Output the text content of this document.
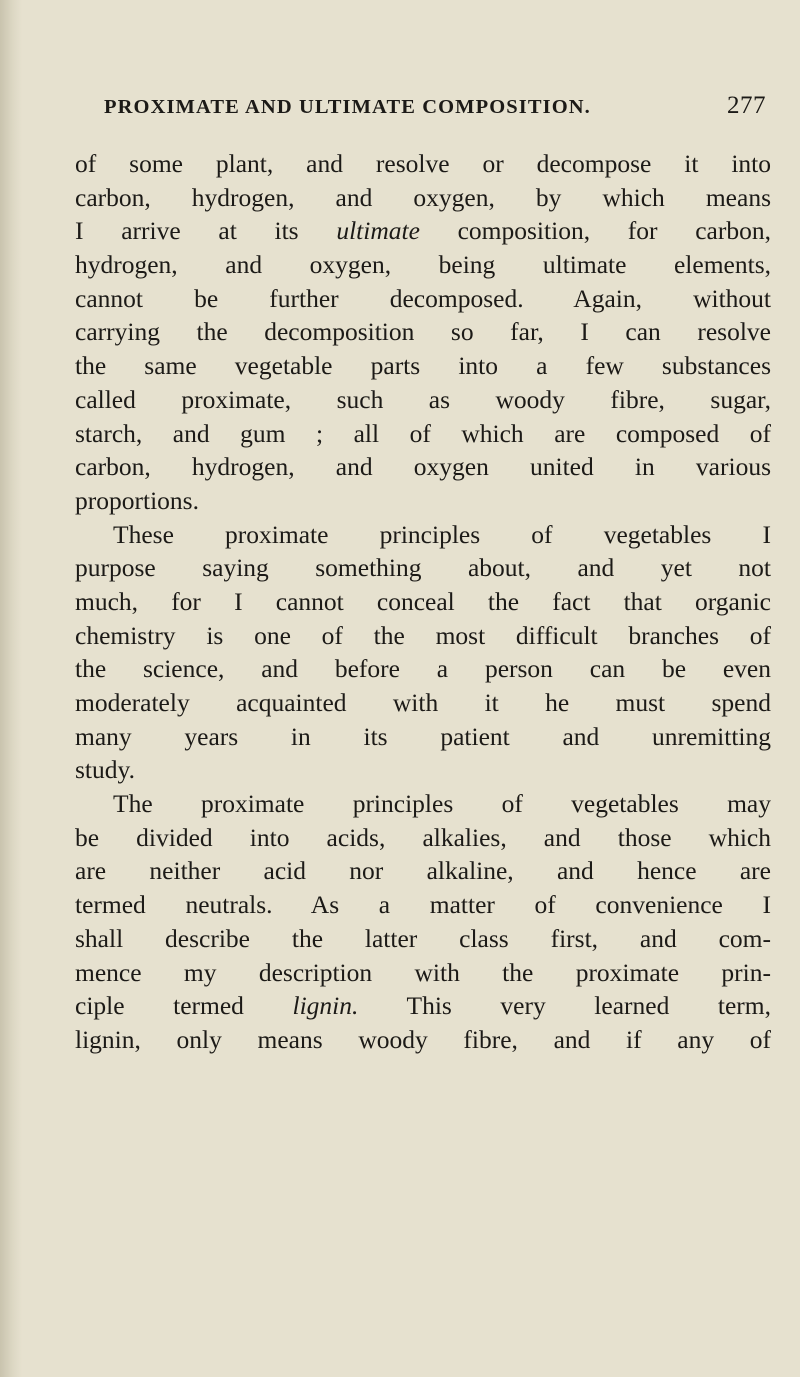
PROXIMATE AND ULTIMATE COMPOSITION.	277
of some plant, and resolve or decompose it into
carbon, hydrogen, and oxygen, by which means
I arrive at its ultimate composition, for carbon,
hydrogen, and oxygen, being ultimate elements,
cannot be further decomposed. Again, without
carrying the decomposition so far, I can resolve
the same vegetable parts into a few substances
called proximate, such as woody fibre, sugar,
starch, and gum ; all of which are composed of
carbon, hydrogen, and oxygen united in various
proportions.
These proximate principles of vegetables I
purpose saying something about, and yet not
much, for I cannot conceal the fact that organic
chemistry is one of the most difficult branches of
the science, and before a person can be even
moderately acquainted with it he must spend
many years in its patient and unremitting
study.
The proximate principles of vegetables may
be divided into acids, alkalies, and those which
are neither acid nor alkaline, and hence are
termed neutrals. As a matter of convenience I
shall describe the latter class first, and com-
mence my description with the proximate prin-
ciple termed lignin. This very learned term,
lignin, only means woody fibre, and if any of
